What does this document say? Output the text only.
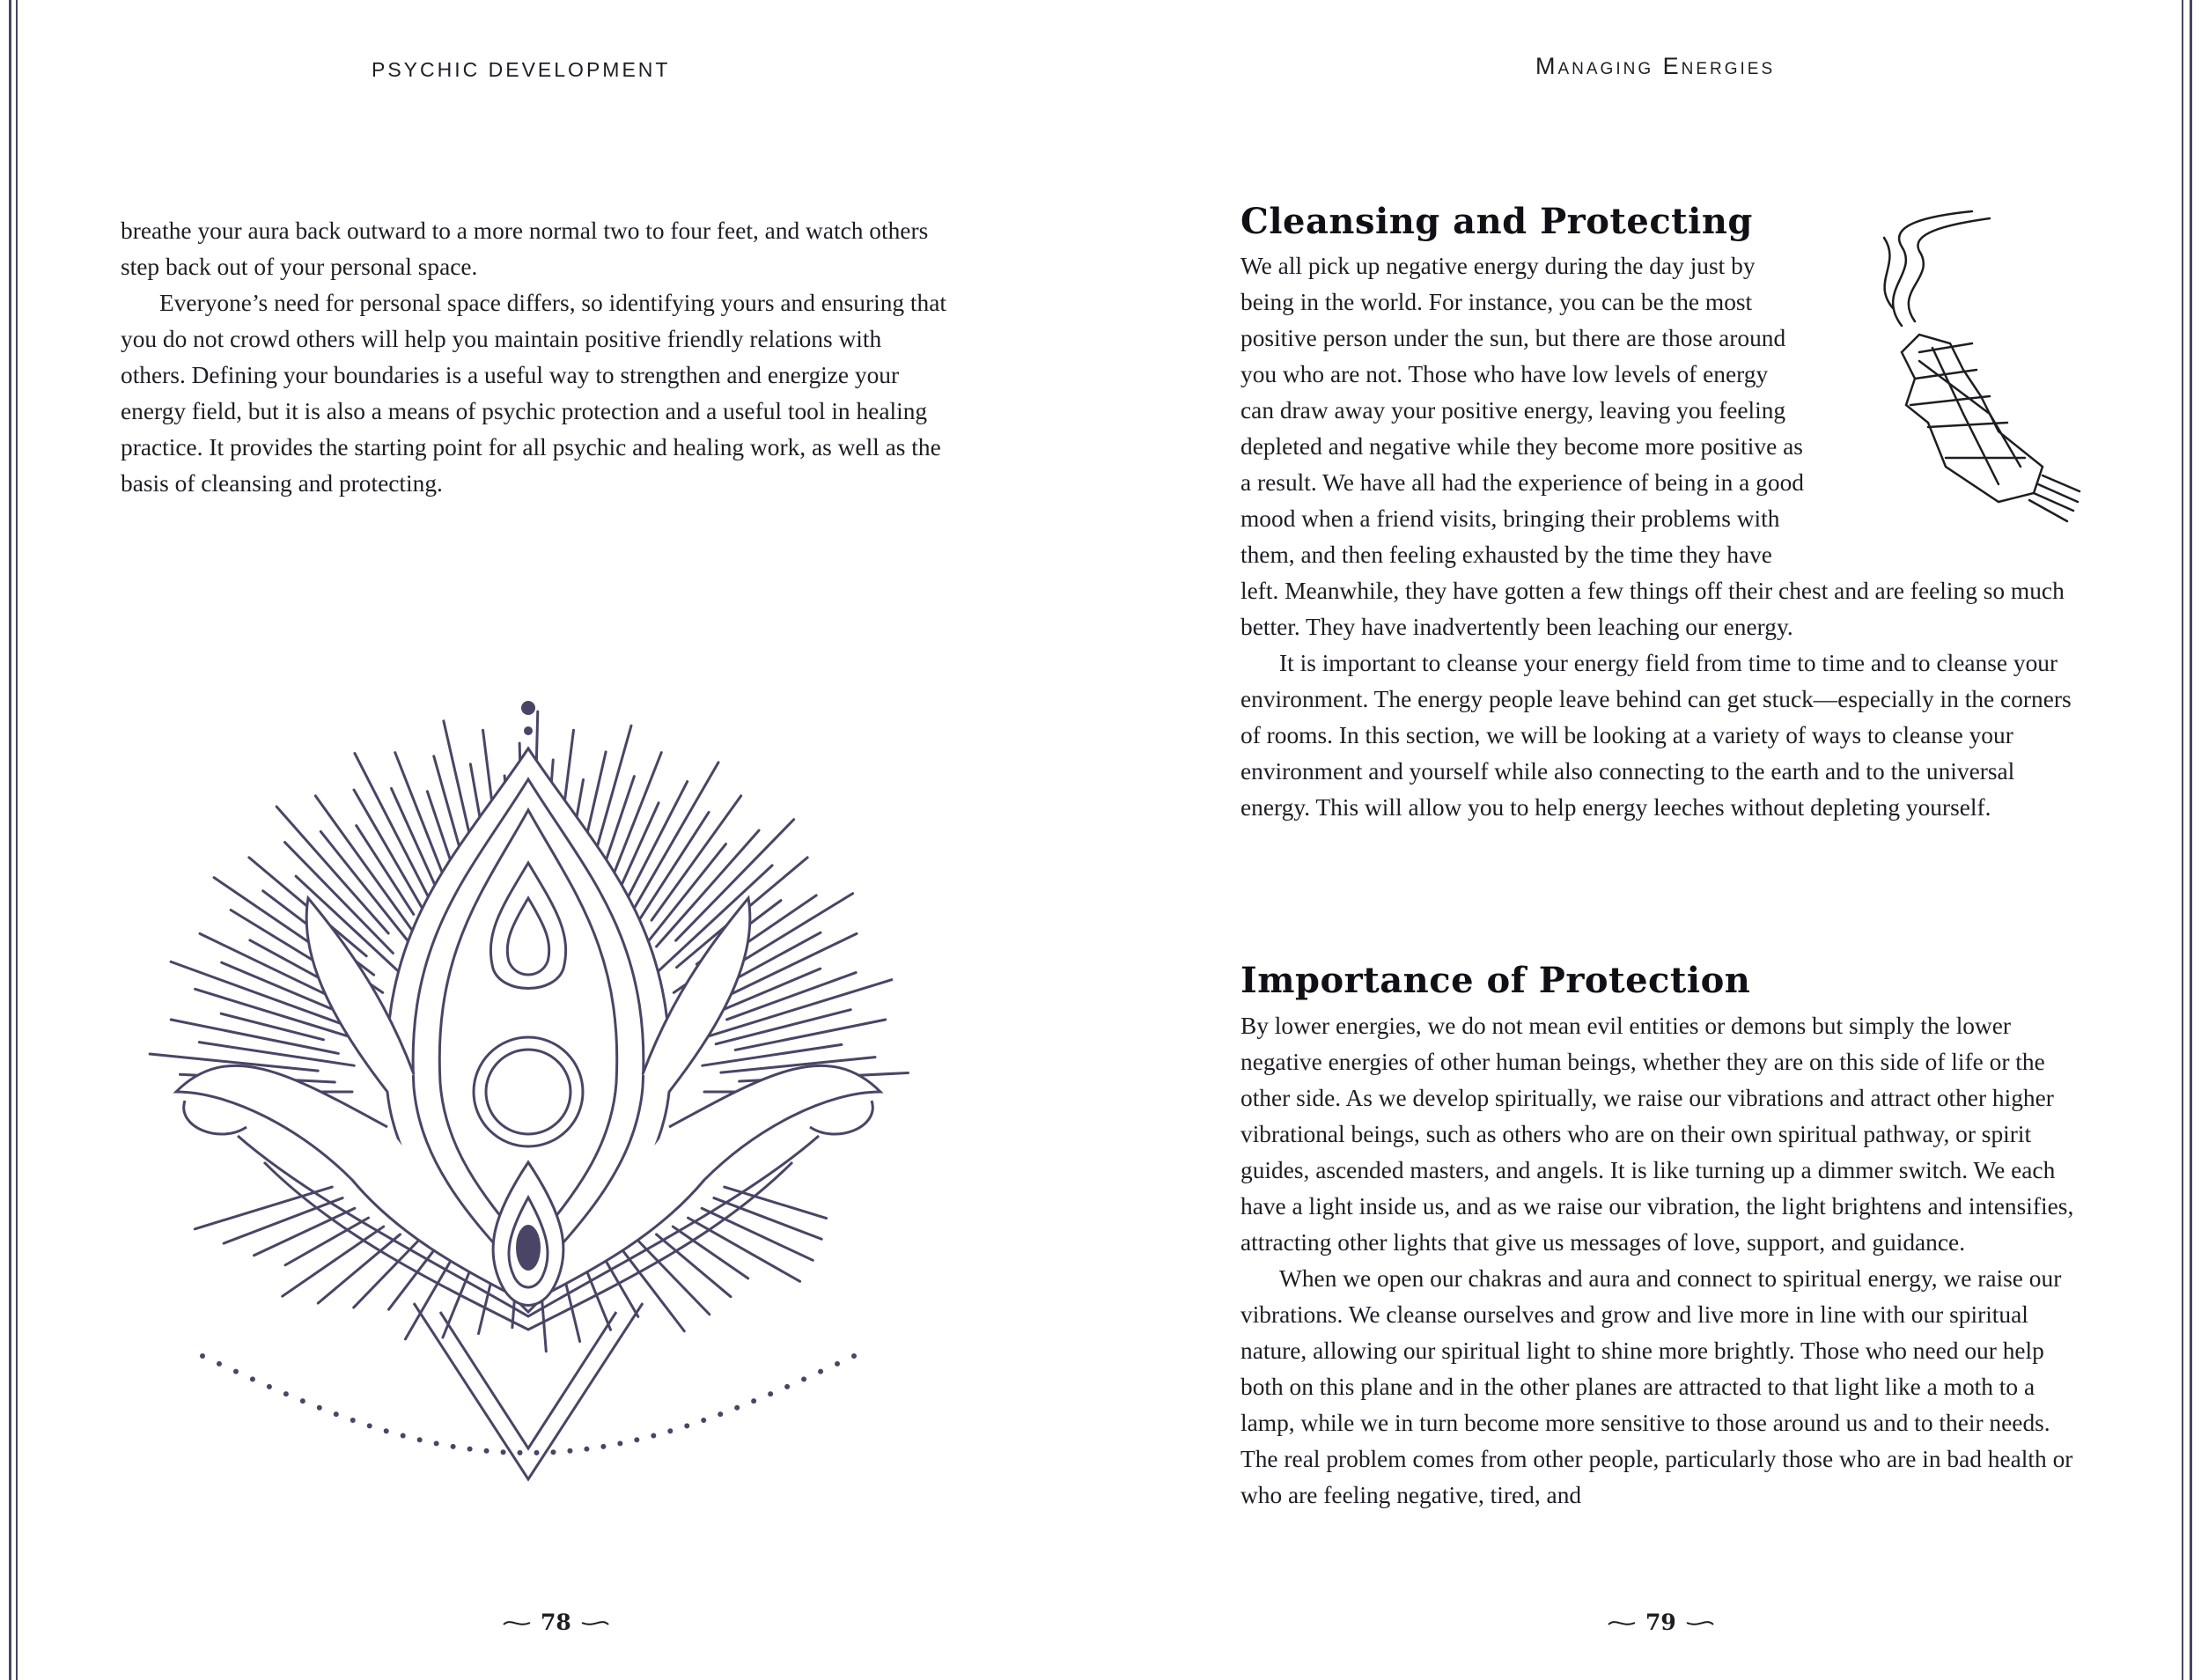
PSYCHIC DEVELOPMENT

breathe your aura back outward to a more normal two to four feet, and watch others step back out of your personal space.

Everyone’s need for personal space differs, so identifying yours and ensuring that you do not crowd others will help you maintain positive friendly relations with others. Defining your boundaries is a useful way to strengthen and energize your energy field, but it is also a means of psychic protection and a useful tool in healing practice. It provides the starting point for all psychic and healing work, as well as the basis of cleansing and protecting.

78
Managing Energies
Cleansing and Protecting
We all pick up negative energy during the day just by
being in the world. For instance, you can be the most
positive person under the sun, but there are those around
you who are not. Those who have low levels of energy
can draw away your positive energy, leaving you feeling
depleted and negative while they become more positive as
a result. We have all had the experience of being in a good
mood when a friend visits, bringing their problems with
them, and then feeling exhausted by the time they have

left. Meanwhile, they have gotten a few things off their chest and are feeling so much better. They have inadvertently been leaching our energy.

It is important to cleanse your energy field from time to time and to cleanse your environment. The energy people leave behind can get stuck—especially in the corners of rooms. In this section, we will be looking at a variety of ways to cleanse your environment and yourself while also connecting to the earth and to the universal energy. This will allow you to help energy leeches without depleting yourself.

Importance of Protection

By lower energies, we do not mean evil entities or demons but simply the lower negative energies of other human beings, whether they are on this side of life or the other side. As we develop spiritually, we raise our vibrations and attract other higher vibrational beings, such as others who are on their own spiritual pathway, or spirit guides, ascended masters, and angels. It is like turning up a dimmer switch. We each have a light inside us, and as we raise our vibration, the light brightens and intensifies, attracting other lights that give us messages of love, support, and guidance.

When we open our chakras and aura and connect to spiritual energy, we raise our vibrations. We cleanse ourselves and grow and live more in line with our spiritual nature, allowing our spiritual light to shine more brightly. Those who need our help both on this plane and in the other planes are attracted to that light like a moth to a lamp, while we in turn become more sensitive to those around us and to their needs. The real problem comes from other people, particularly those who are in bad health or who are feeling negative, tired, and

79
